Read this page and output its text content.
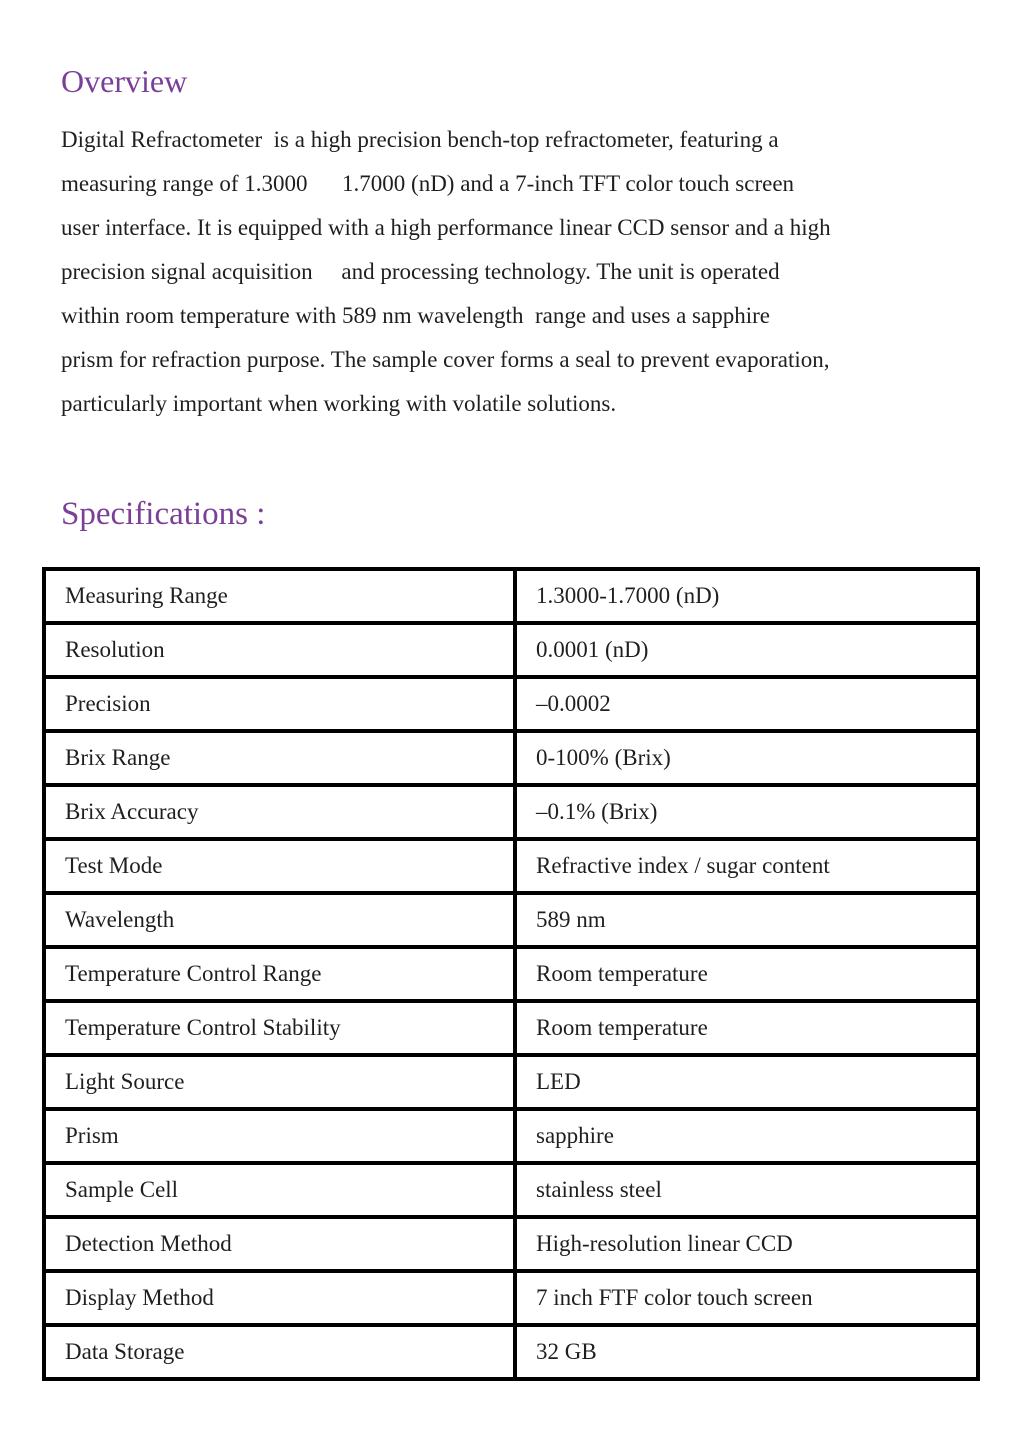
Overview
Digital Refractometer  is a high precision bench-top refractometer, featuring a
measuring range of 1.3000      1.7000 (nD) and a 7-inch TFT color touch screen
user interface. It is equipped with a high performance linear CCD sensor and a high
precision signal acquisition     and processing technology. The unit is operated
within room temperature with 589 nm wavelength  range and uses a sapphire
prism for refraction purpose. The sample cover forms a seal to prevent evaporation,
particularly important when working with volatile solutions.
Specifications :
Measuring Range	1.3000-1.7000 (nD)
Resolution	0.0001 (nD)
Precision	–0.0002
Brix Range	0-100% (Brix)
Brix Accuracy	–0.1% (Brix)
Test Mode	Refractive index / sugar content
Wavelength	589 nm
Temperature Control Range	Room temperature
Temperature Control Stability	Room temperature
Light Source	LED
Prism	sapphire
Sample Cell	stainless steel
Detection Method	High-resolution linear CCD
Display Method	7 inch FTF color touch screen
Data Storage	32 GB
